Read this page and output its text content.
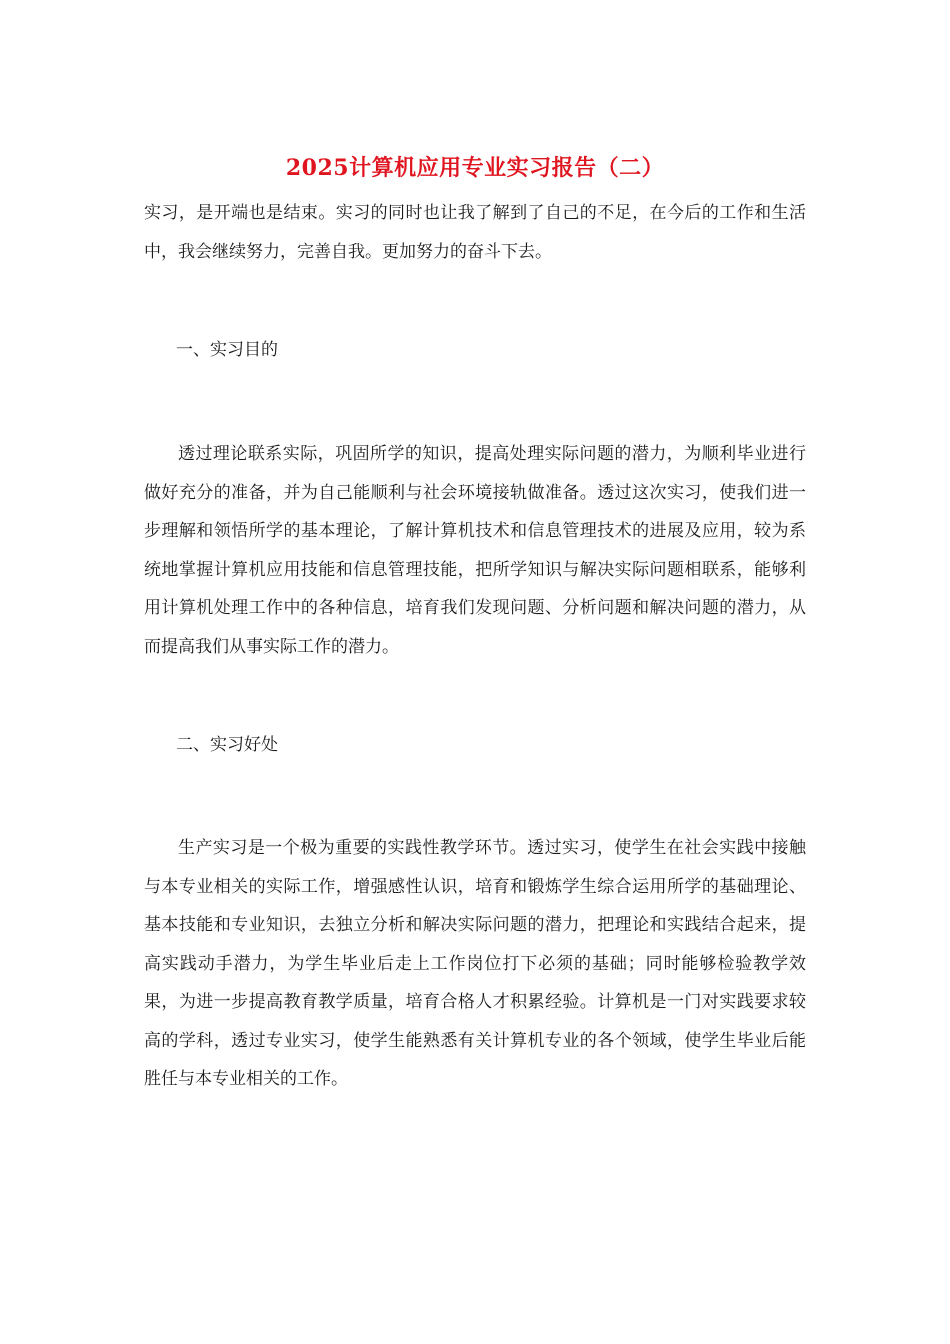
2025计算机应用专业实习报告（二）

实习，是开端也是结束。实习的同时也让我了解到了自己的不足，在今后的工作和生活中，我会继续努力，完善自我。更加努力的奋斗下去。

一、实习目的

透过理论联系实际，巩固所学的知识，提高处理实际问题的潜力，为顺利毕业进行做好充分的准备，并为自己能顺利与社会环境接轨做准备。透过这次实习，使我们进一步理解和领悟所学的基本理论，了解计算机技术和信息管理技术的进展及应用，较为系统地掌握计算机应用技能和信息管理技能，把所学知识与解决实际问题相联系，能够利用计算机处理工作中的各种信息，培育我们发现问题、分析问题和解决问题的潜力，从而提高我们从事实际工作的潜力。

二、实习好处

生产实习是一个极为重要的实践性教学环节。透过实习，使学生在社会实践中接触与本专业相关的实际工作，增强感性认识，培育和锻炼学生综合运用所学的基础理论、基本技能和专业知识，去独立分析和解决实际问题的潜力，把理论和实践结合起来，提高实践动手潜力，为学生毕业后走上工作岗位打下必须的基础；同时能够检验教学效果，为进一步提高教育教学质量，培育合格人才积累经验。计算机是一门对实践要求较高的学科，透过专业实习，使学生能熟悉有关计算机专业的各个领域，使学生毕业后能胜任与本专业相关的工作。
